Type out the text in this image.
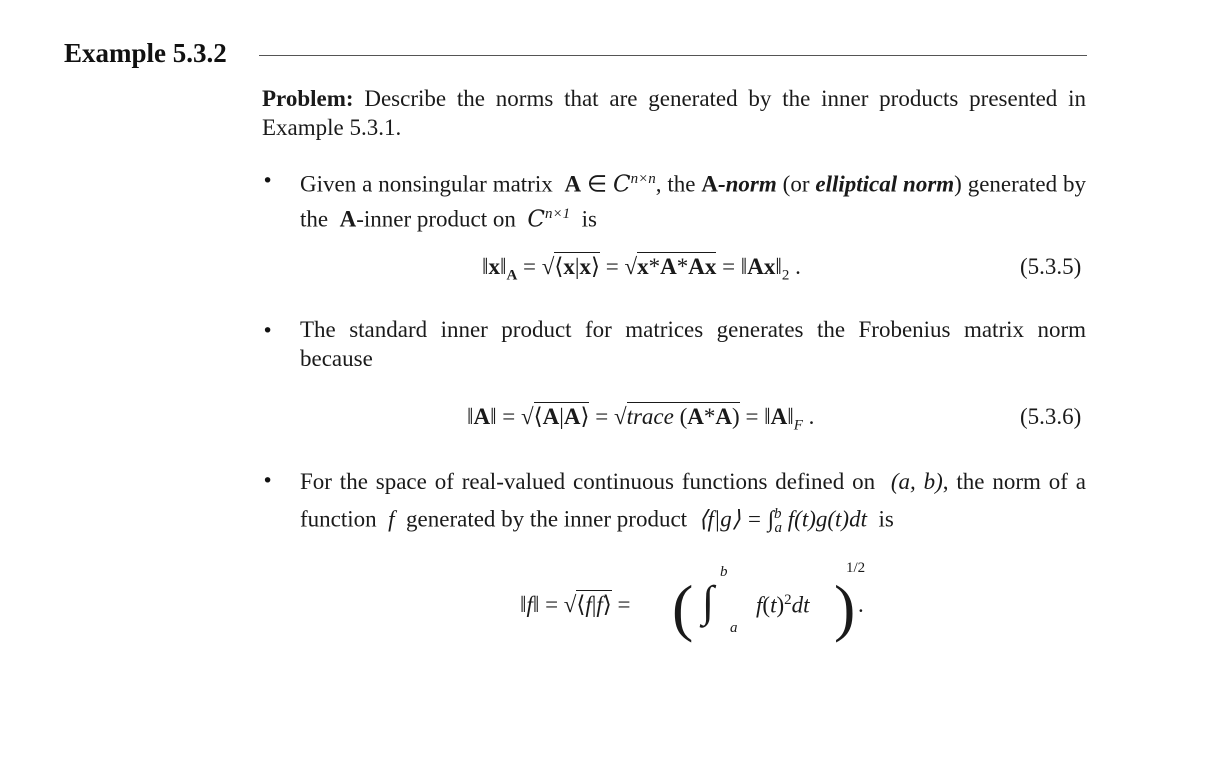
Example 5.3.2
Problem: Describe the norms that are generated by the inner products presented in Example 5.3.1.
• Given a nonsingular matrix A ∈ $C^{n\times n}$, the A-norm (or elliptical norm) generated by the A-inner product on $C^{n\times 1}$ is
$‖x‖_A$ = √⟨x|x⟩ = $√x*A*Ax = ‖Ax‖_2$ .	(5.3.5)
• The standard inner product for matrices generates the Frobenius matrix norm because
‖A‖ = √⟨A|A⟩ = √trace $(A*A) = ‖A‖_F$ .	(5.3.6)
• For the space of real-valued continuous functions defined on (a, b), the norm of a function f generated by the inner product ⟨f|g⟩ = ∫$^b_a$ f(t)g(t)dt is
‖f‖ = √⟨f|f⟩ = ( ∫
b
a
$f(t)^2dt$ )
1/2
.
